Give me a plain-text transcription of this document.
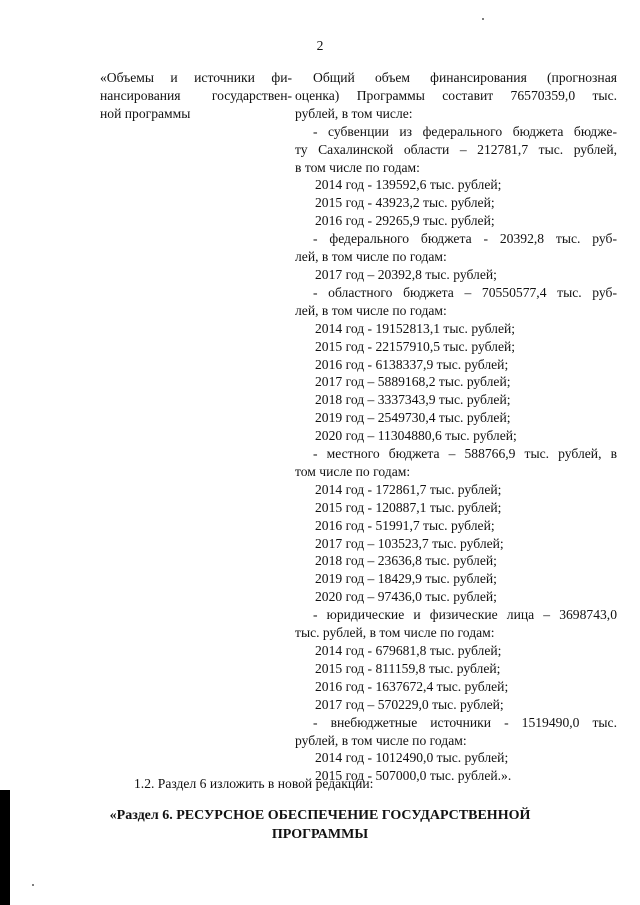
2
«Объемы и источники фи-
нансирования государствен-
ной программы
Общий объем финансирования (прогнозная
оценка) Программы составит 76570359,0 тыс.
рублей, в том числе:
- субвенции из федерального бюджета бюдже-
ту Сахалинской области – 212781,7 тыс. рублей,
в том числе по годам:
2014 год - 139592,6 тыс. рублей;
2015 год - 43923,2 тыс. рублей;
2016 год - 29265,9 тыс. рублей;
- федерального бюджета - 20392,8 тыс. руб-
лей, в том числе по годам:
2017 год – 20392,8 тыс. рублей;
- областного бюджета – 70550577,4 тыс. руб-
лей, в том числе по годам:
2014 год - 19152813,1 тыс. рублей;
2015 год - 22157910,5 тыс. рублей;
2016 год - 6138337,9 тыс. рублей;
2017 год – 5889168,2 тыс. рублей;
2018 год – 3337343,9 тыс. рублей;
2019 год – 2549730,4 тыс. рублей;
2020 год – 11304880,6 тыс. рублей;
- местного бюджета – 588766,9 тыс. рублей, в
том числе по годам:
2014 год - 172861,7 тыс. рублей;
2015 год - 120887,1 тыс. рублей;
2016 год - 51991,7 тыс. рублей;
2017 год – 103523,7 тыс. рублей;
2018 год – 23636,8 тыс. рублей;
2019 год – 18429,9 тыс. рублей;
2020 год – 97436,0 тыс. рублей;
- юридические и физические лица – 3698743,0
тыс. рублей, в том числе по годам:
2014 год - 679681,8 тыс. рублей;
2015 год - 811159,8 тыс. рублей;
2016 год - 1637672,4 тыс. рублей;
2017 год – 570229,0 тыс. рублей;
- внебюджетные источники - 1519490,0 тыс.
рублей, в том числе по годам:
2014 год - 1012490,0 тыс. рублей;
2015 год - 507000,0 тыс. рублей.».
1.2. Раздел 6 изложить в новой редакции:
«Раздел 6. РЕСУРСНОЕ ОБЕСПЕЧЕНИЕ ГОСУДАРСТВЕННОЙ
ПРОГРАММЫ
